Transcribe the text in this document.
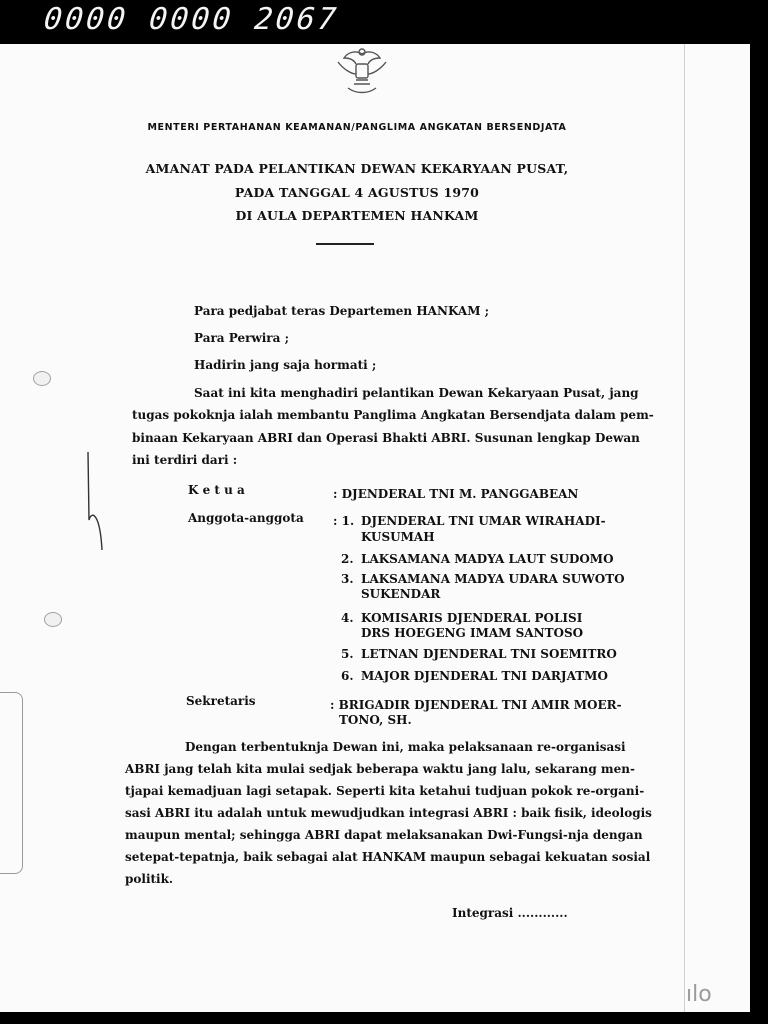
0000 0000 2067
MENTERI PERTAHANAN KEAMANAN/PANGLIMA ANGKATAN BERSENDJATA
AMANAT PADA PELANTIKAN DEWAN KEKARYAAN PUSAT,
PADA TANGGAL 4 AGUSTUS 1970
DI AULA DEPARTEMEN HANKAM
Para pedjabat teras Departemen HANKAM ;
Para Perwira ;
Hadirin jang saja hormati ;
Saat ini kita menghadiri pelantikan Dewan Kekaryaan Pusat, jang
tugas pokoknja ialah membantu Panglima Angkatan Bersendjata dalam pem-
binaan Kekaryaan ABRI dan Operasi Bhakti ABRI. Susunan lengkap Dewan
ini terdiri dari :
K e t u a	: DJENDERAL TNI M. PANGGABEAN
Anggota-anggota : 1. DJENDERAL TNI UMAR WIRAHADI-
KUSUMAH
2. LAKSAMANA MADYA LAUT SUDOMO
3. LAKSAMANA MADYA UDARA SUWOTO
SUKENDAR
4. KOMISARIS DJENDERAL POLISI
DRS HOEGENG IMAM SANTOSO
5. LETNAN DJENDERAL TNI SOEMITRO
6. MAJOR DJENDERAL TNI DARJATMO
Sekretaris	: BRIGADIR DJENDERAL TNI AMIR MOER-
TONO, SH.
Dengan terbentuknja Dewan ini, maka pelaksanaan re-organisasi
ABRI jang telah kita mulai sedjak beberapa waktu jang lalu, sekarang men-
tjapai kemadjuan lagi setapak. Seperti kita ketahui tudjuan pokok re-organi-
sasi ABRI itu adalah untuk mewudjudkan integrasi ABRI : baik fisik, ideologis
maupun mental; sehingga ABRI dapat melaksanakan Dwi-Fungsi-nja dengan
setepat-tepatnja, baik sebagai alat HANKAM maupun sebagai kekuatan sosial
politik.
Integrasi ............
ılo
